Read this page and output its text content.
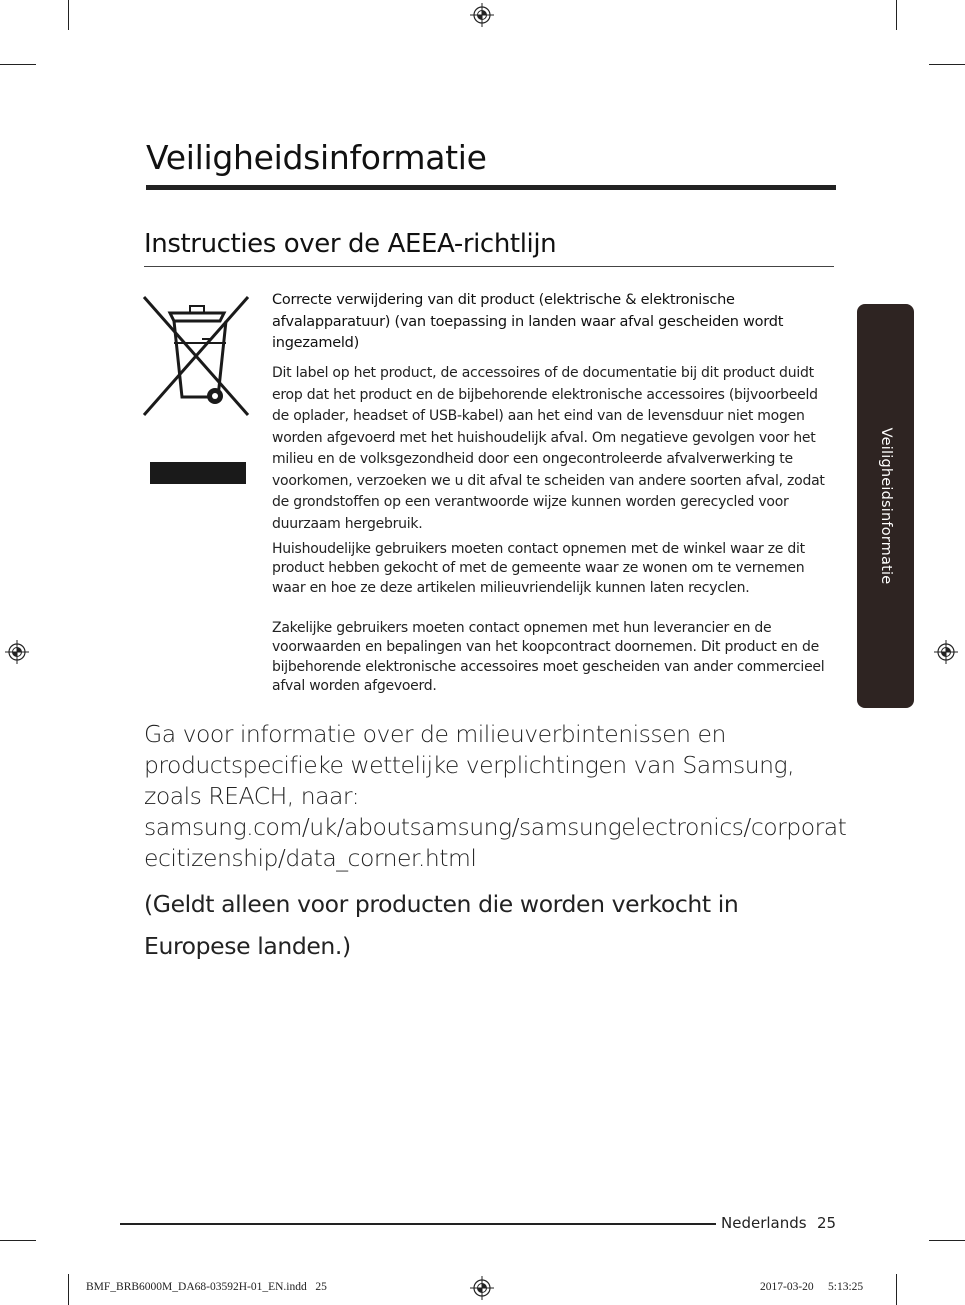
Veiligheidsinformatie
Instructies over de AEEA-richtlijn

Correcte verwijdering van dit product (elektrische & elektronische afvalapparatuur) (van toepassing in landen waar afval gescheiden wordt ingezameld)

Dit label op het product, de accessoires of de documentatie bij dit product duidt erop dat het product en de bijbehorende elektronische accessoires (bijvoorbeeld de oplader, headset of USB-kabel) aan het eind van de levensduur niet mogen worden afgevoerd met het huishoudelijk afval. Om negatieve gevolgen voor het milieu en de volksgezondheid door een ongecontroleerde afvalverwerking te voorkomen, verzoeken we u dit afval te scheiden van andere soorten afval, zodat de grondstoffen op een verantwoorde wijze kunnen worden gerecycled voor duurzaam hergebruik.

Huishoudelijke gebruikers moeten contact opnemen met de winkel waar ze dit product hebben gekocht of met de gemeente waar ze wonen om te vernemen waar en hoe ze deze artikelen milieuvriendelijk kunnen laten recyclen.

Zakelijke gebruikers moeten contact opnemen met hun leverancier en de voorwaarden en bepalingen van het koopcontract doornemen. Dit product en de bijbehorende elektronische accessoires moet gescheiden van ander commercieel afval worden afgevoerd.

Ga voor informatie over de milieuverbintenissen en
productspecifieke wettelijke verplichtingen van Samsung,
zoals REACH, naar:
samsung.com/uk/aboutsamsung/samsungelectronics/corporat
ecitizenship/data_corner.html

(Geldt alleen voor producten die worden verkocht in
Europese landen.)

Veiligheidsinformatie
Nederlands 25
BMF_BRB6000M_DA68-03592H-01_EN.indd   25	2017-03-20     5:13:25
